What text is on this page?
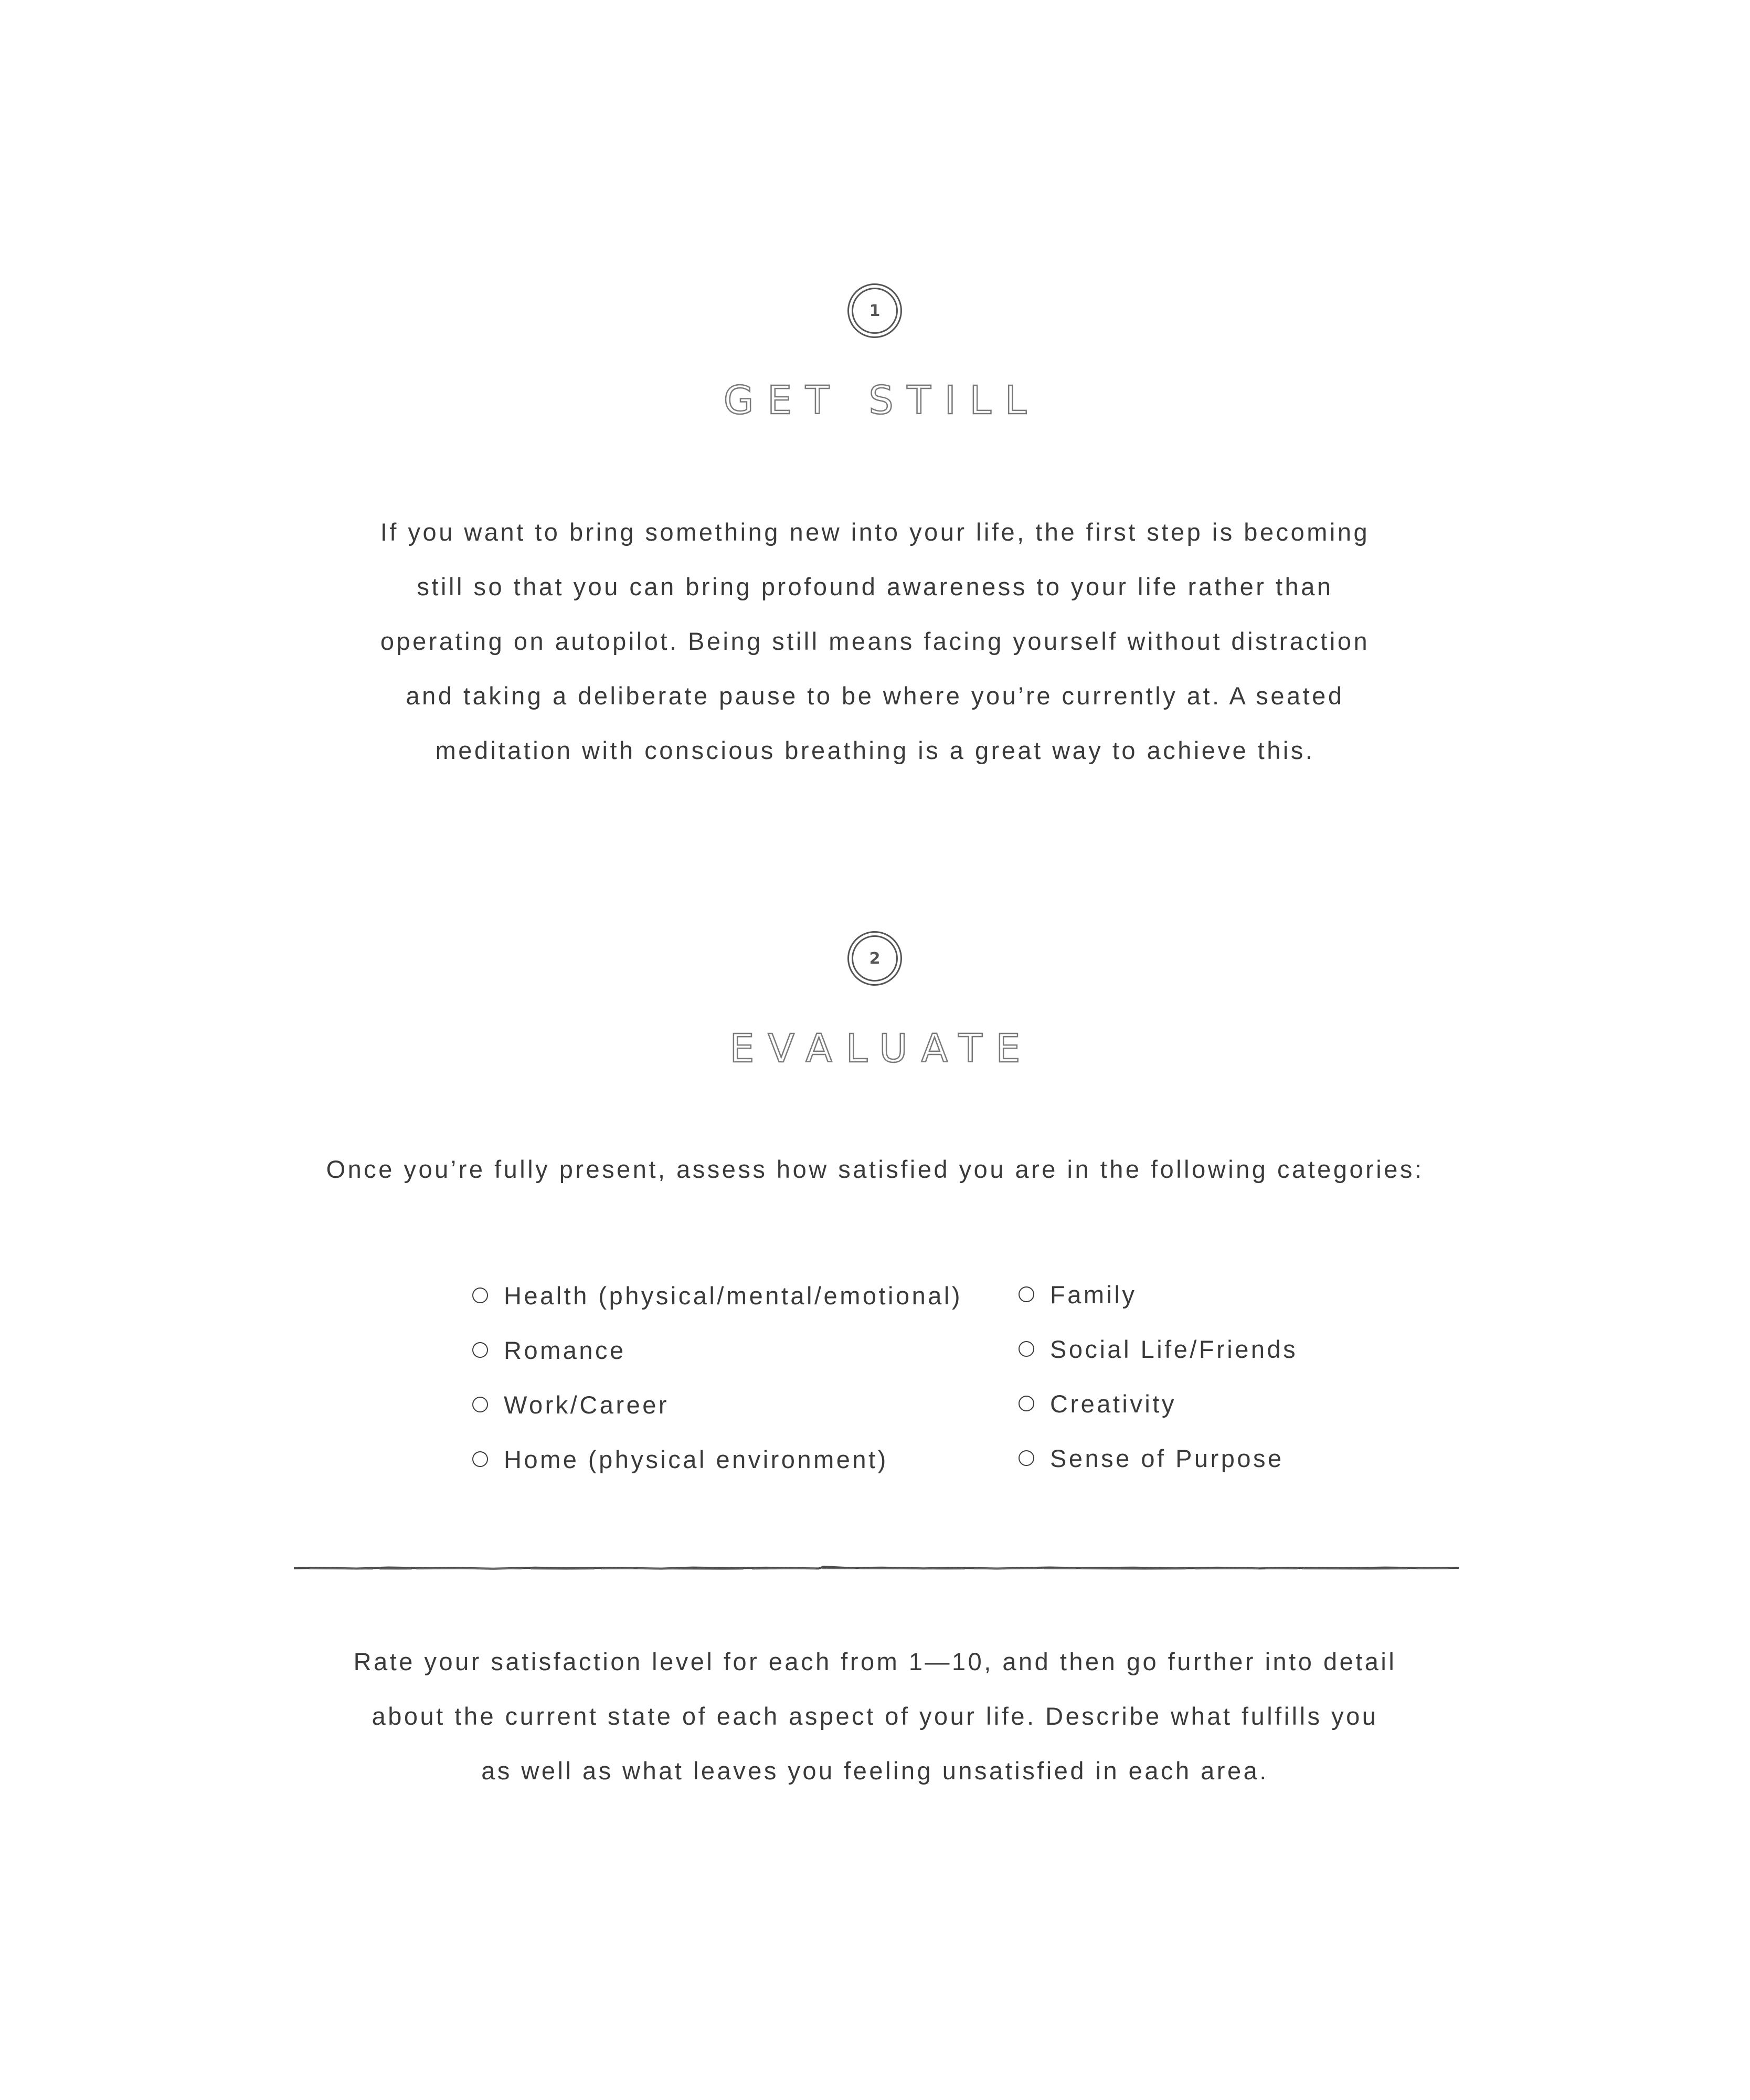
1
GET STILL

If you want to bring something new into your life, the first step is becoming

still so that you can bring profound awareness to your life rather than

operating on autopilot. Being still means facing yourself without distraction

and taking a deliberate pause to be where you’re currently at. A seated

meditation with conscious breathing is a great way to achieve this.

2
EVALUATE

Once you’re fully present, assess how satisfied you are in the following categories:

Health (physical/mental/emotional)
Romance
Work/Career
Home (physical environment)
Family
Social Life/Friends
Creativity
Sense of Purpose

Rate your satisfaction level for each from 1—10, and then go further into detail

about the current state of each aspect of your life. Describe what fulfills you

as well as what leaves you feeling unsatisfied in each area.
